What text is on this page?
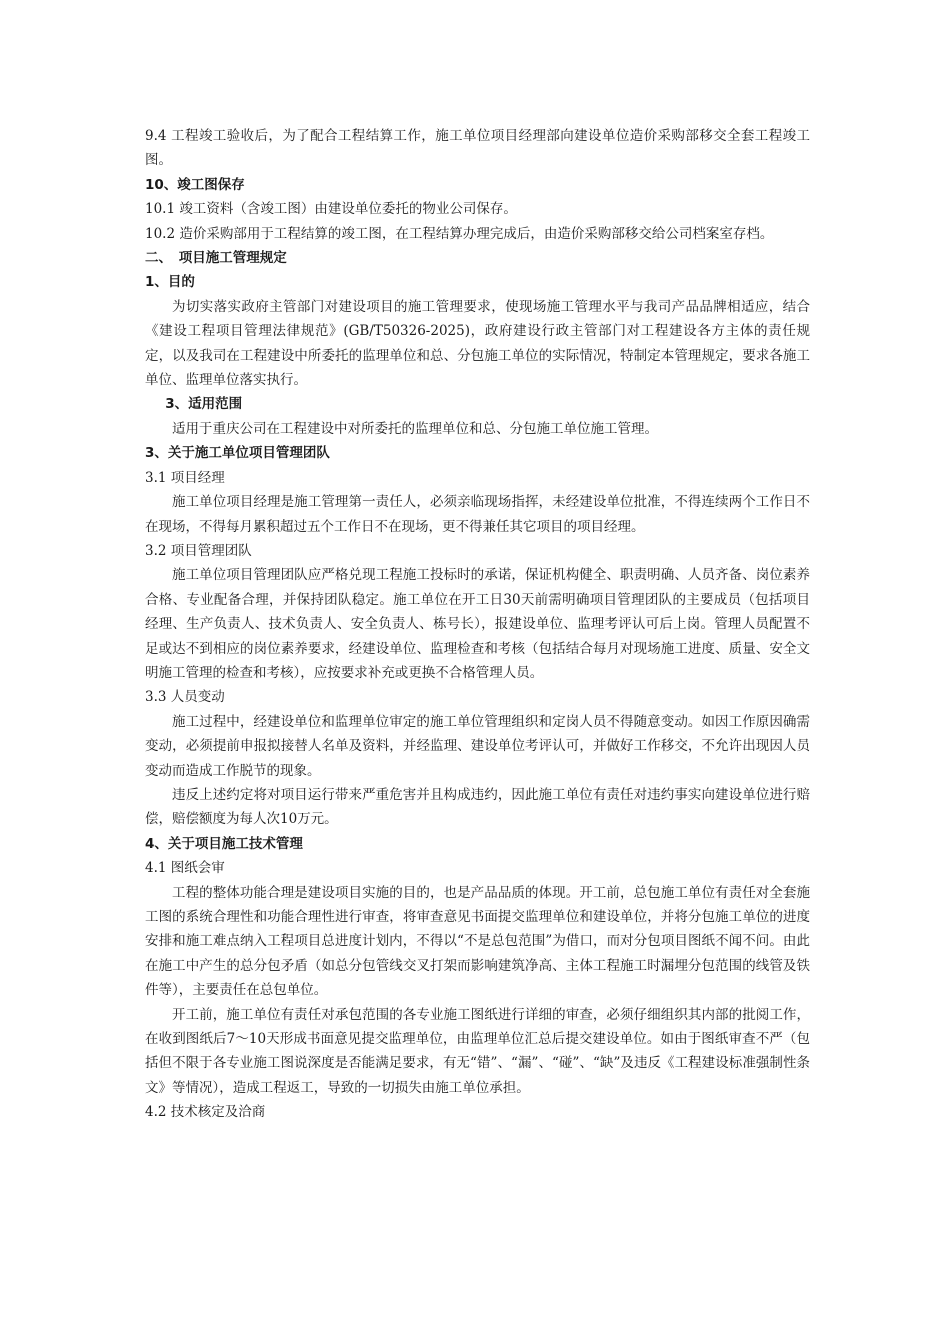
9.4 工程竣工验收后，为了配合工程结算工作，施工单位项目经理部向建设单位造价采购部移交全套工程竣工图。

10、竣工图保存

10.1 竣工资料（含竣工图）由建设单位委托的物业公司保存。

10.2 造价采购部用于工程结算的竣工图，在工程结算办理完成后，由造价采购部移交给公司档案室存档。

二、　项目施工管理规定

1、目的

为切实落实政府主管部门对建设项目的施工管理要求，使现场施工管理水平与我司产品品牌相适应，结合《建设工程项目管理法律规范》(GB/T50326-2025)，政府建设行政主管部门对工程建设各方主体的责任规定，以及我司在工程建设中所委托的监理单位和总、分包施工单位的实际情况，特制定本管理规定，要求各施工单位、监理单位落实执行。

3、适用范围

适用于重庆公司在工程建设中对所委托的监理单位和总、分包施工单位施工管理。

3、关于施工单位项目管理团队

3.1 项目经理

施工单位项目经理是施工管理第一责任人，必须亲临现场指挥，未经建设单位批准，不得连续两个工作日不在现场，不得每月累积超过五个工作日不在现场，更不得兼任其它项目的项目经理。

3.2 项目管理团队

施工单位项目管理团队应严格兑现工程施工投标时的承诺，保证机构健全、职责明确、人员齐备、岗位素养合格、专业配备合理，并保持团队稳定。施工单位在开工日30天前需明确项目管理团队的主要成员（包括项目经理、生产负责人、技术负责人、安全负责人、栋号长），报建设单位、监理考评认可后上岗。管理人员配置不足或达不到相应的岗位素养要求，经建设单位、监理检查和考核（包括结合每月对现场施工进度、质量、安全文明施工管理的检查和考核），应按要求补充或更换不合格管理人员。

3.3 人员变动

施工过程中，经建设单位和监理单位审定的施工单位管理组织和定岗人员不得随意变动。如因工作原因确需变动，必须提前申报拟接替人名单及资料，并经监理、建设单位考评认可，并做好工作移交，不允许出现因人员变动而造成工作脱节的现象。

违反上述约定将对项目运行带来严重危害并且构成违约，因此施工单位有责任对违约事实向建设单位进行赔偿，赔偿额度为每人次10万元。

4、关于项目施工技术管理

4.1 图纸会审

工程的整体功能合理是建设项目实施的目的，也是产品品质的体现。开工前，总包施工单位有责任对全套施工图的系统合理性和功能合理性进行审查，将审查意见书面提交监理单位和建设单位，并将分包施工单位的进度安排和施工难点纳入工程项目总进度计划内，不得以“不是总包范围”为借口，而对分包项目图纸不闻不问。由此在施工中产生的总分包矛盾（如总分包管线交叉打架而影响建筑净高、主体工程施工时漏埋分包范围的线管及铁件等），主要责任在总包单位。

开工前，施工单位有责任对承包范围的各专业施工图纸进行详细的审查，必须仔细组织其内部的批阅工作，在收到图纸后7～10天形成书面意见提交监理单位，由监理单位汇总后提交建设单位。如由于图纸审查不严（包括但不限于各专业施工图说深度是否能满足要求，有无“错”、“漏”、“碰”、“缺”及违反《工程建设标准强制性条文》等情况），造成工程返工，导致的一切损失由施工单位承担。

4.2 技术核定及洽商
